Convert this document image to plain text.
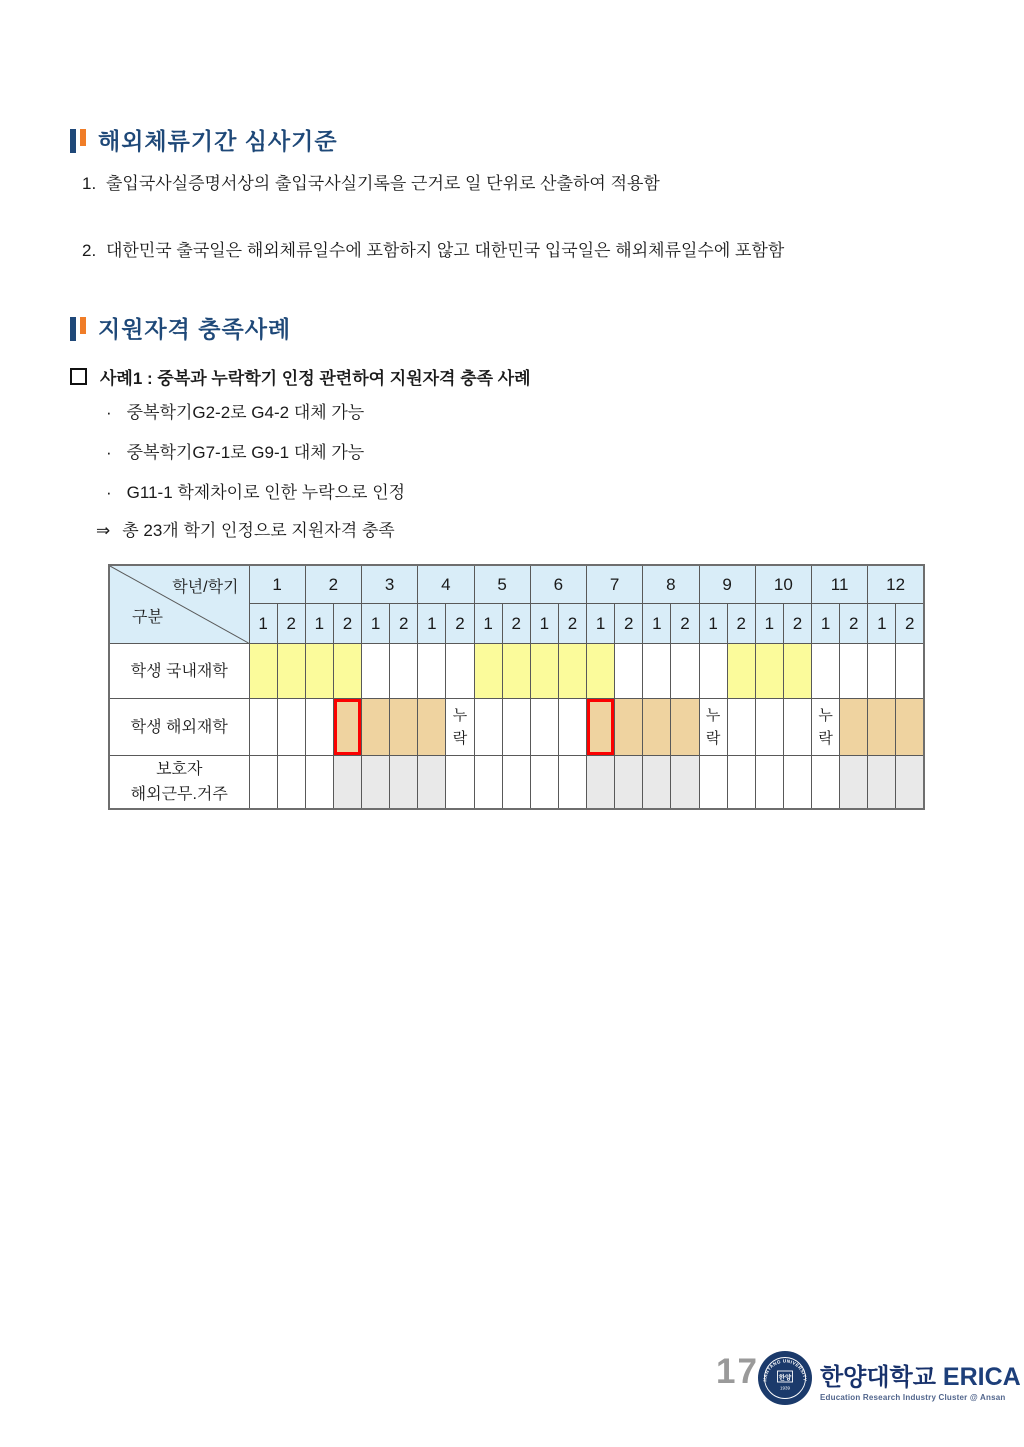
해외체류기간 심사기준
1. 출입국사실증명서상의 출입국사실기록을 근거로 일 단위로 산출하여 적용함
2. 대한민국 출국일은 해외체류일수에 포함하지 않고 대한민국 입국일은 해외체류일수에 포함함
지원자격 충족사례
사례1 : 중복과 누락학기 인정 관련하여 지원자격 충족 사례
· 중복학기G2-2로 G4-2 대체 가능
· 중복학기G7-1로 G9-1 대체 가능
· G11-1 학제차이로 인한 누락으로 인정
⇒ 총 23개 학기 인정으로 지원자격 충족
학년/학기
구분	1		2		3		4		5		6		7		8		9		10		11		12	
	1	2	1	2	1	2	1	2	1	2	1	2	1	2	1	2	1	2	1	2	1	2	1	2

학생 국내재학																								

학생 해외재학								누락									누락				누락			

보호자
해외근무.거주																								

17 HANYANG UNIVERSITY
한양
1939 한양대학교 ERICA
Education Research Industry Cluster @ Ansan
